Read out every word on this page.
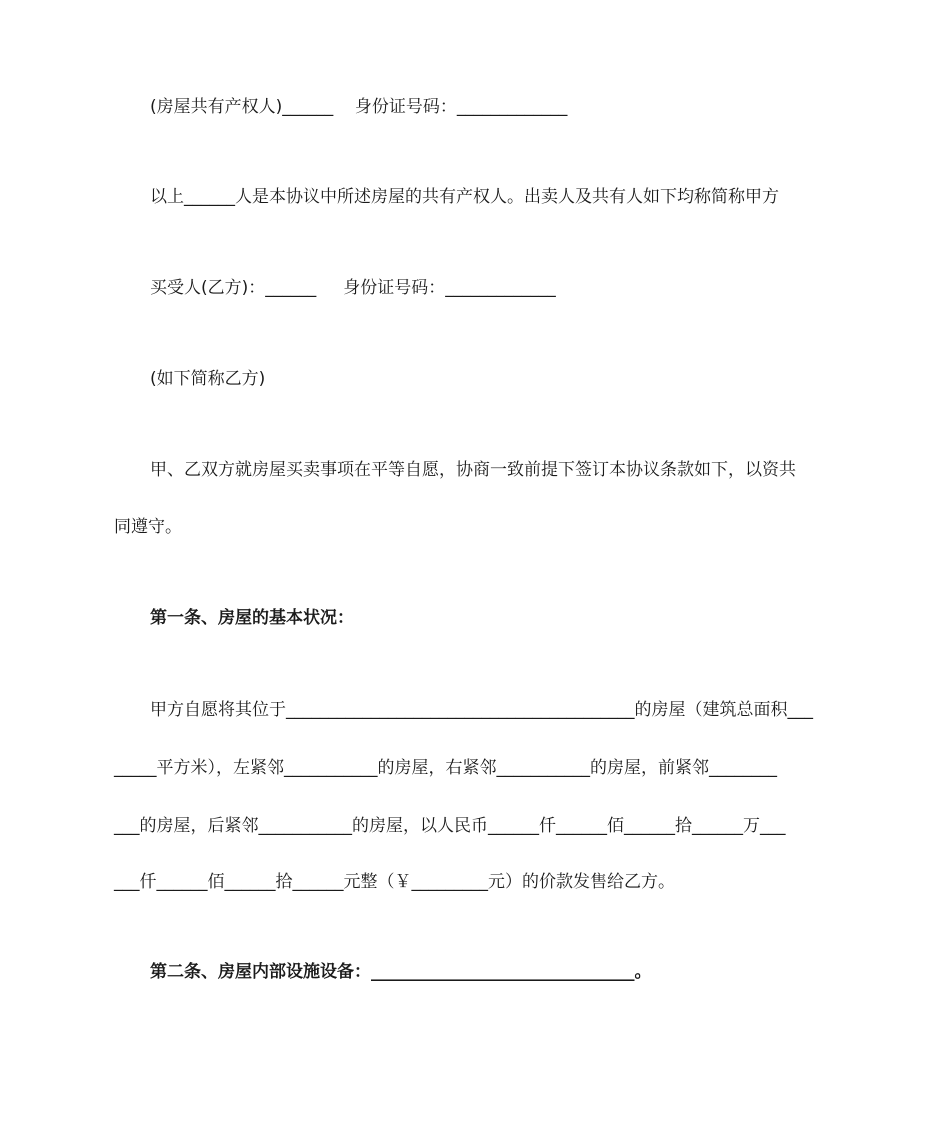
(房屋共有产权人)______    身份证号码：_____________
以上______人是本协议中所述房屋的共有产权人。出卖人及共有人如下均称简称甲方
买受人(乙方)：______     身份证号码：_____________
(如下简称乙方)
甲、乙双方就房屋买卖事项在平等自愿，协商一致前提下签订本协议条款如下，以资共
同遵守。
第一条、房屋的基本状况：
甲方自愿将其位于_________________________________________的房屋（建筑总面积___
_____平方米），左紧邻___________的房屋，右紧邻___________的房屋，前紧邻________
___的房屋，后紧邻___________的房屋，以人民币______仟______佰______拾______万___
___仟______佰______拾______元整（￥_________元）的价款发售给乙方。
第二条、房屋内部设施设备：_______________________________。
